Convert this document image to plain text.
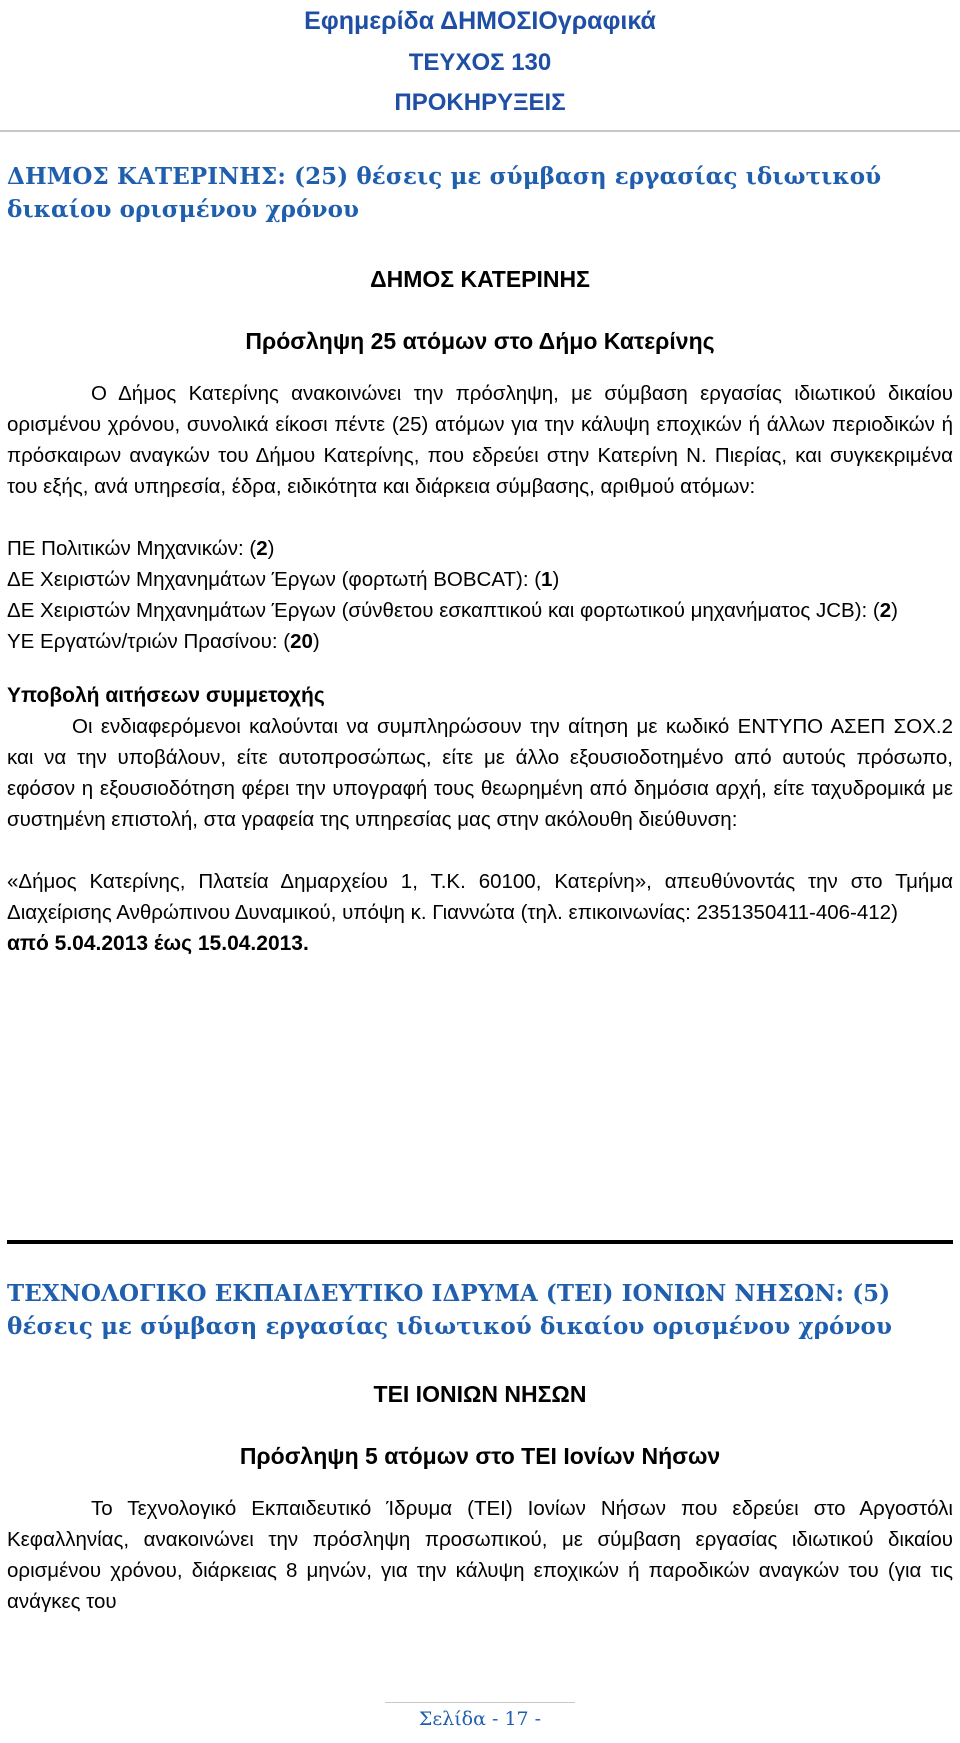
Εφημερίδα ΔΗΜΟΣΙΟγραφικά
ΤΕΥΧΟΣ 130
ΠΡΟΚΗΡΥΞΕΙΣ
ΔΗΜΟΣ ΚΑΤΕΡΙΝΗΣ: (25) θέσεις με σύμβαση εργασίας ιδιωτικού
δικαίου ορισμένου χρόνου
ΔΗΜΟΣ ΚΑΤΕΡΙΝΗΣ
Πρόσληψη 25 ατόμων στο Δήμο Κατερίνης
Ο Δήμος Κατερίνης ανακοινώνει την πρόσληψη, με σύμβαση εργασίας ιδιωτικού δικαίου ορισμένου χρόνου, συνολικά είκοσι πέντε (25) ατόμων για την κάλυψη εποχικών ή άλλων περιοδικών ή πρόσκαιρων αναγκών του Δήμου Κατερίνης, που εδρεύει στην Κατερίνη Ν. Πιερίας, και συγκεκριμένα του εξής, ανά υπηρεσία, έδρα, ειδικότητα και διάρκεια σύμβασης, αριθμού ατόμων:
ΠΕ Πολιτικών Μηχανικών: (2)
ΔΕ Χειριστών Μηχανημάτων Έργων (φορτωτή BOBCAT): (1)
ΔΕ Χειριστών Μηχανημάτων Έργων (σύνθετου εσκαπτικού και φορτωτικού μηχανήματος JCB): (2)
ΥΕ Εργατών/τριών Πρασίνου: (20)
Υποβολή αιτήσεων συμμετοχής
Οι ενδιαφερόμενοι καλούνται να συμπληρώσουν την αίτηση με κωδικό ΕΝΤΥΠΟ ΑΣΕΠ ΣΟΧ.2 και να την υποβάλουν, είτε αυτοπροσώπως, είτε με άλλο εξουσιοδοτημένο από αυτούς πρόσωπο, εφόσον η εξουσιοδότηση φέρει την υπογραφή τους θεωρημένη από δημόσια αρχή, είτε ταχυδρομικά με συστημένη επιστολή, στα γραφεία της υπηρεσίας μας στην ακόλουθη διεύθυνση:
«Δήμος Κατερίνης, Πλατεία Δημαρχείου 1, Τ.Κ. 60100, Κατερίνη», απευθύνοντάς την στο Τμήμα Διαχείρισης Ανθρώπινου Δυναμικού, υπόψη κ. Γιαννώτα (τηλ. επικοινωνίας: 2351350411-406-412)
από 5.04.2013 έως 15.04.2013.
ΤΕΧΝΟΛΟΓΙΚΟ ΕΚΠΑΙΔΕΥΤΙΚΟ ΙΔΡΥΜΑ (ΤΕΙ) ΙΟΝΙΩΝ ΝΗΣΩΝ: (5)
θέσεις με σύμβαση εργασίας ιδιωτικού δικαίου ορισμένου χρόνου
ΤΕΙ ΙΟΝΙΩΝ ΝΗΣΩΝ
Πρόσληψη 5 ατόμων στο ΤΕΙ Ιονίων Νήσων
Το Τεχνολογικό Εκπαιδευτικό Ίδρυμα (ΤΕΙ) Ιονίων Νήσων που εδρεύει στο Αργοστόλι Κεφαλληνίας, ανακοινώνει την πρόσληψη προσωπικού, με σύμβαση εργασίας ιδιωτικού δικαίου ορισμένου χρόνου, διάρκειας 8 μηνών, για την κάλυψη εποχικών ή παροδικών αναγκών του (για τις ανάγκες του
Σελίδα - 17 -
